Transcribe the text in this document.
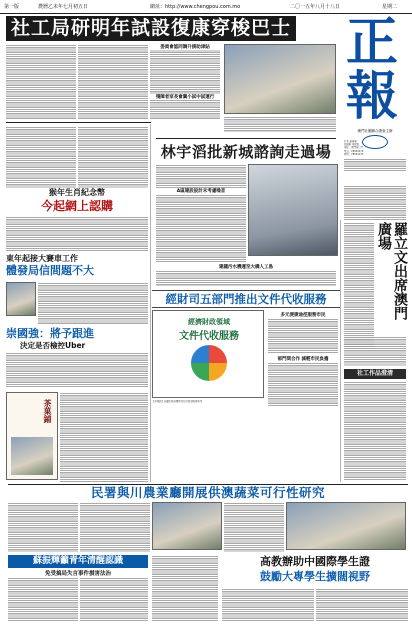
第一版	農曆乙未年七月初五日	網址：http://www.chengpou.com.mo	二〇一五年八月十八日	星期二
社工局研明年試設復康穿梭巴士 正
報
澳門社團聯合總會主辦
社長 黃錦榮
總編輯 梁偉民
地址：澳門新口岸
電話：28563278
傳真：28581235
委員會認同調升援助津貼
殘障者家長會冀小試中試運行
猴年生肖紀念幣
今起網上認購
東年起接大賽車工作
體發局信間題不大
崇國強：將予跟進
決定是否檢控Uber
茶菓鋪
林宇滔批新城諮詢走過場
A區建設設計未考慮噪音
建議污水機運至大橋人工島	羅立文出席澳門廣場
社工作品澄清
經財司五部門推出文件代收服務
經濟財政領域
文件代收服務
【本報訊】為優化營商環境及提升政府服務效率
多元便捷途徑服務市民
部門間合作 減輕市民負擔
民署與川農業廳開展供澳蔬菜可行性研究
蘇振輝籲青年清醒認識
免受搞局失言事件損害法治
高教辦助中國際學生證
鼓勵大專學生擴闊視野
